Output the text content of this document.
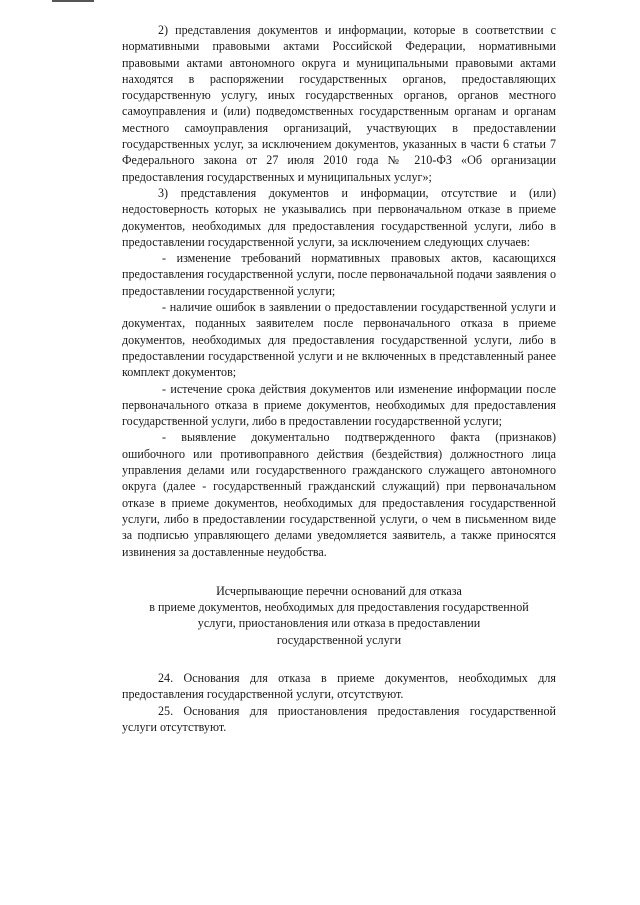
2) представления документов и информации, которые в соответствии с нормативными правовыми актами Российской Федерации, нормативными правовыми актами автономного округа и муниципальными правовыми актами находятся в распоряжении государственных органов, предоставляющих государственную услугу, иных государственных органов, органов местного самоуправления и (или) подведомственных государственным органам и органам местного самоуправления организаций, участвующих в предоставлении государственных услуг, за исключением документов, указанных в части 6 статьи 7 Федерального закона от 27 июля 2010 года № 210-ФЗ «Об организации предоставления государственных и муниципальных услуг»;

3) представления документов и информации, отсутствие и (или) недостоверность которых не указывались при первоначальном отказе в приеме документов, необходимых для предоставления государственной услуги, либо в предоставлении государственной услуги, за исключением следующих случаев:

- изменение требований нормативных правовых актов, касающихся предоставления государственной услуги, после первоначальной подачи заявления о предоставлении государственной услуги;

- наличие ошибок в заявлении о предоставлении государственной услуги и документах, поданных заявителем после первоначального отказа в приеме документов, необходимых для предоставления государственной услуги, либо в предоставлении государственной услуги и не включенных в представленный ранее комплект документов;

- истечение срока действия документов или изменение информации после первоначального отказа в приеме документов, необходимых для предоставления государственной услуги, либо в предоставлении государственной услуги;

- выявление документально подтвержденного факта (признаков) ошибочного или противоправного действия (бездействия) должностного лица управления делами или государственного гражданского служащего автономного округа (далее - государственный гражданский служащий) при первоначальном отказе в приеме документов, необходимых для предоставления государственной услуги, либо в предоставлении государственной услуги, о чем в письменном виде за подписью управляющего делами уведомляется заявитель, а также приносятся извинения за доставленные неудобства.

Исчерпывающие перечни оснований для отказа
в приеме документов, необходимых для предоставления государственной
услуги, приостановления или отказа в предоставлении
государственной услуги

24. Основания для отказа в приеме документов, необходимых для предоставления государственной услуги, отсутствуют.

25. Основания для приостановления предоставления государственной услуги отсутствуют.
